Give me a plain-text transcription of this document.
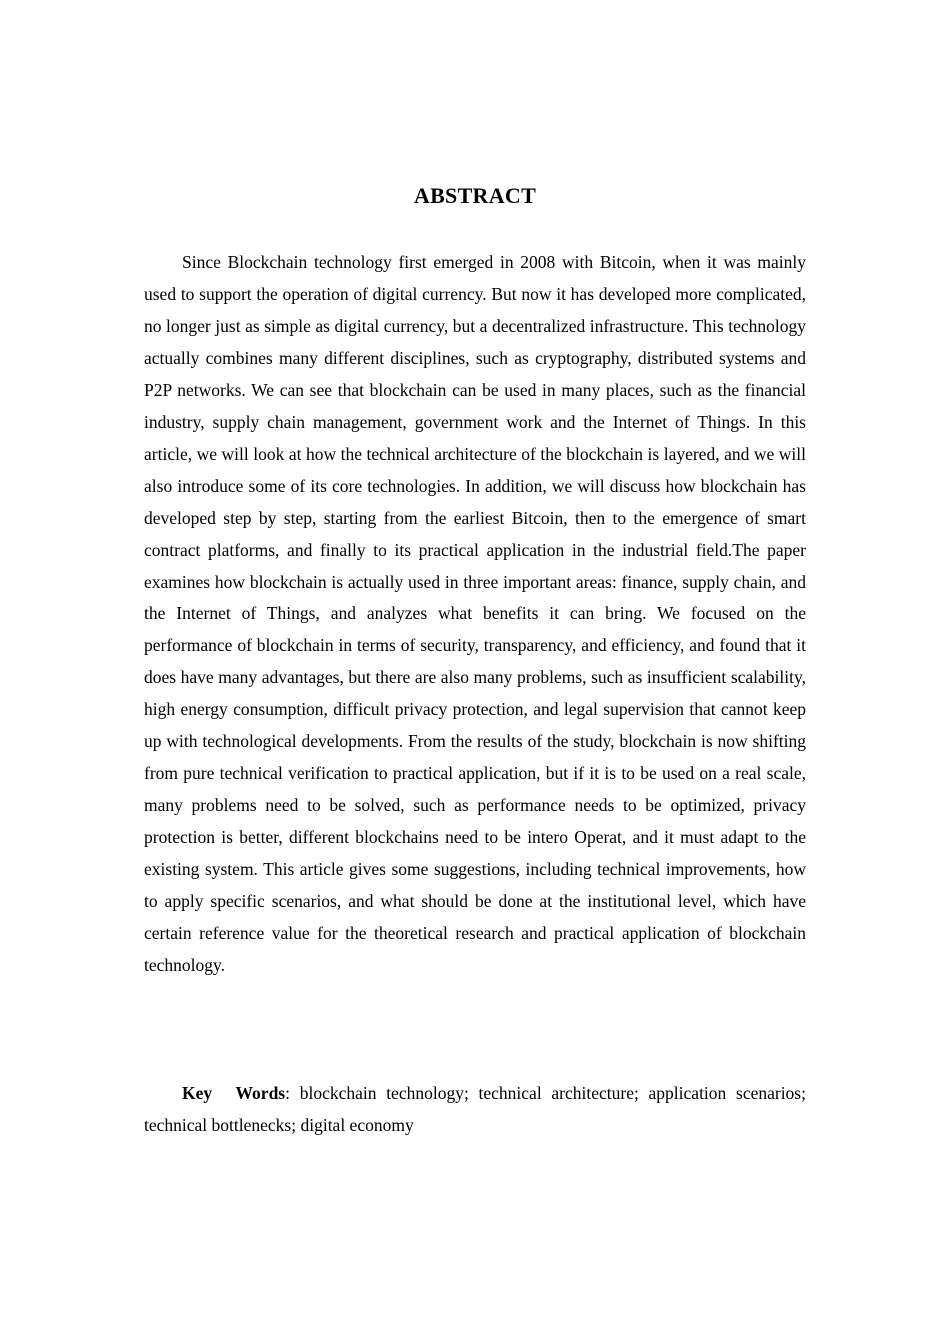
ABSTRACT

Since Blockchain technology first emerged in 2008 with Bitcoin, when it was mainly used to support the operation of digital currency. But now it has developed more complicated, no longer just as simple as digital currency, but a decentralized infrastructure. This technology actually combines many different disciplines, such as cryptography, distributed systems and P2P networks. We can see that blockchain can be used in many places, such as the financial industry, supply chain management, government work and the Internet of Things. In this article, we will look at how the technical architecture of the blockchain is layered, and we will also introduce some of its core technologies. In addition, we will discuss how blockchain has developed step by step, starting from the earliest Bitcoin, then to the emergence of smart contract platforms, and finally to its practical application in the industrial field.The paper examines how blockchain is actually used in three important areas: finance, supply chain, and the Internet of Things, and analyzes what benefits it can bring. We focused on the performance of blockchain in terms of security, transparency, and efficiency, and found that it does have many advantages, but there are also many problems, such as insufficient scalability, high energy consumption, difficult privacy protection, and legal supervision that cannot keep up with technological developments. From the results of the study, blockchain is now shifting from pure technical verification to practical application, but if it is to be used on a real scale, many problems need to be solved, such as performance needs to be optimized, privacy protection is better, different blockchains need to be intero Operat, and it must adapt to the existing system. This article gives some suggestions, including technical improvements, how to apply specific scenarios, and what should be done at the institutional level, which have certain reference value for the theoretical research and practical application of blockchain technology.

Key Words: blockchain technology; technical architecture; application scenarios; technical bottlenecks; digital economy
